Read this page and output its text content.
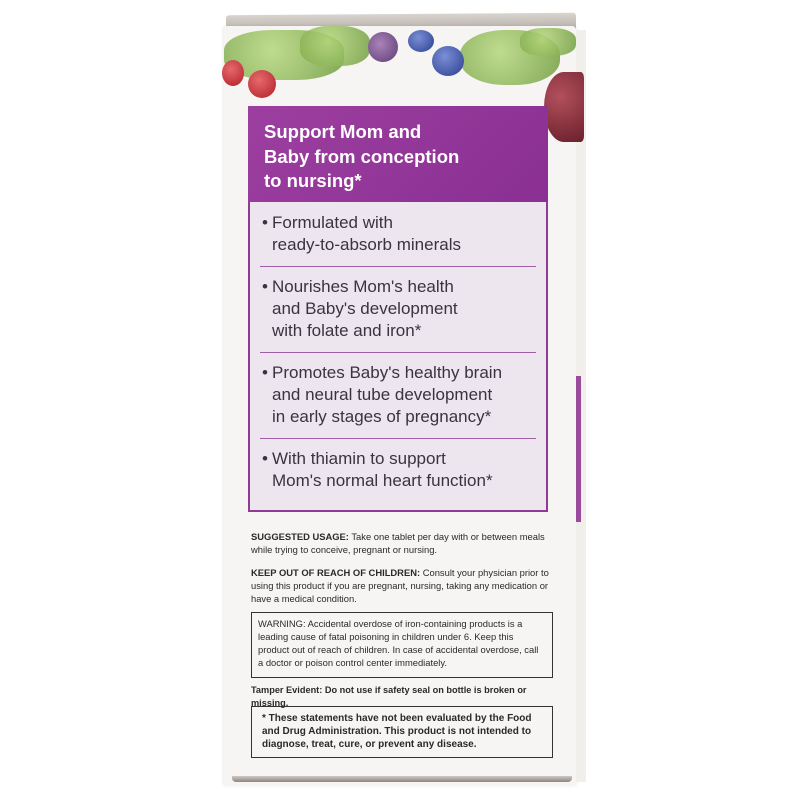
Support Mom and

Baby from conception

to nursing*

• Formulated with
ready-to-absorb minerals
• Nourishes Mom's health
and Baby's development
with folate and iron*
• Promotes Baby's healthy brain
and neural tube development
in early stages of pregnancy*
• With thiamin to support
Mom's normal heart function*
SUGGESTED USAGE: Take one tablet per day with or between meals while trying to conceive, pregnant or nursing.
KEEP OUT OF REACH OF CHILDREN: Consult your physician prior to using this product if you are pregnant, nursing, taking any medication or have a medical condition.
WARNING: Accidental overdose of iron-containing products is a leading cause of fatal poisoning in children under 6. Keep this product out of reach of children. In case of accidental overdose, call a doctor or poison control center immediately.
Tamper Evident: Do not use if safety seal on bottle is broken or missing.
* These statements have not been evaluated by the Food and Drug Administration. This product is not intended to diagnose, treat, cure, or prevent any disease.
